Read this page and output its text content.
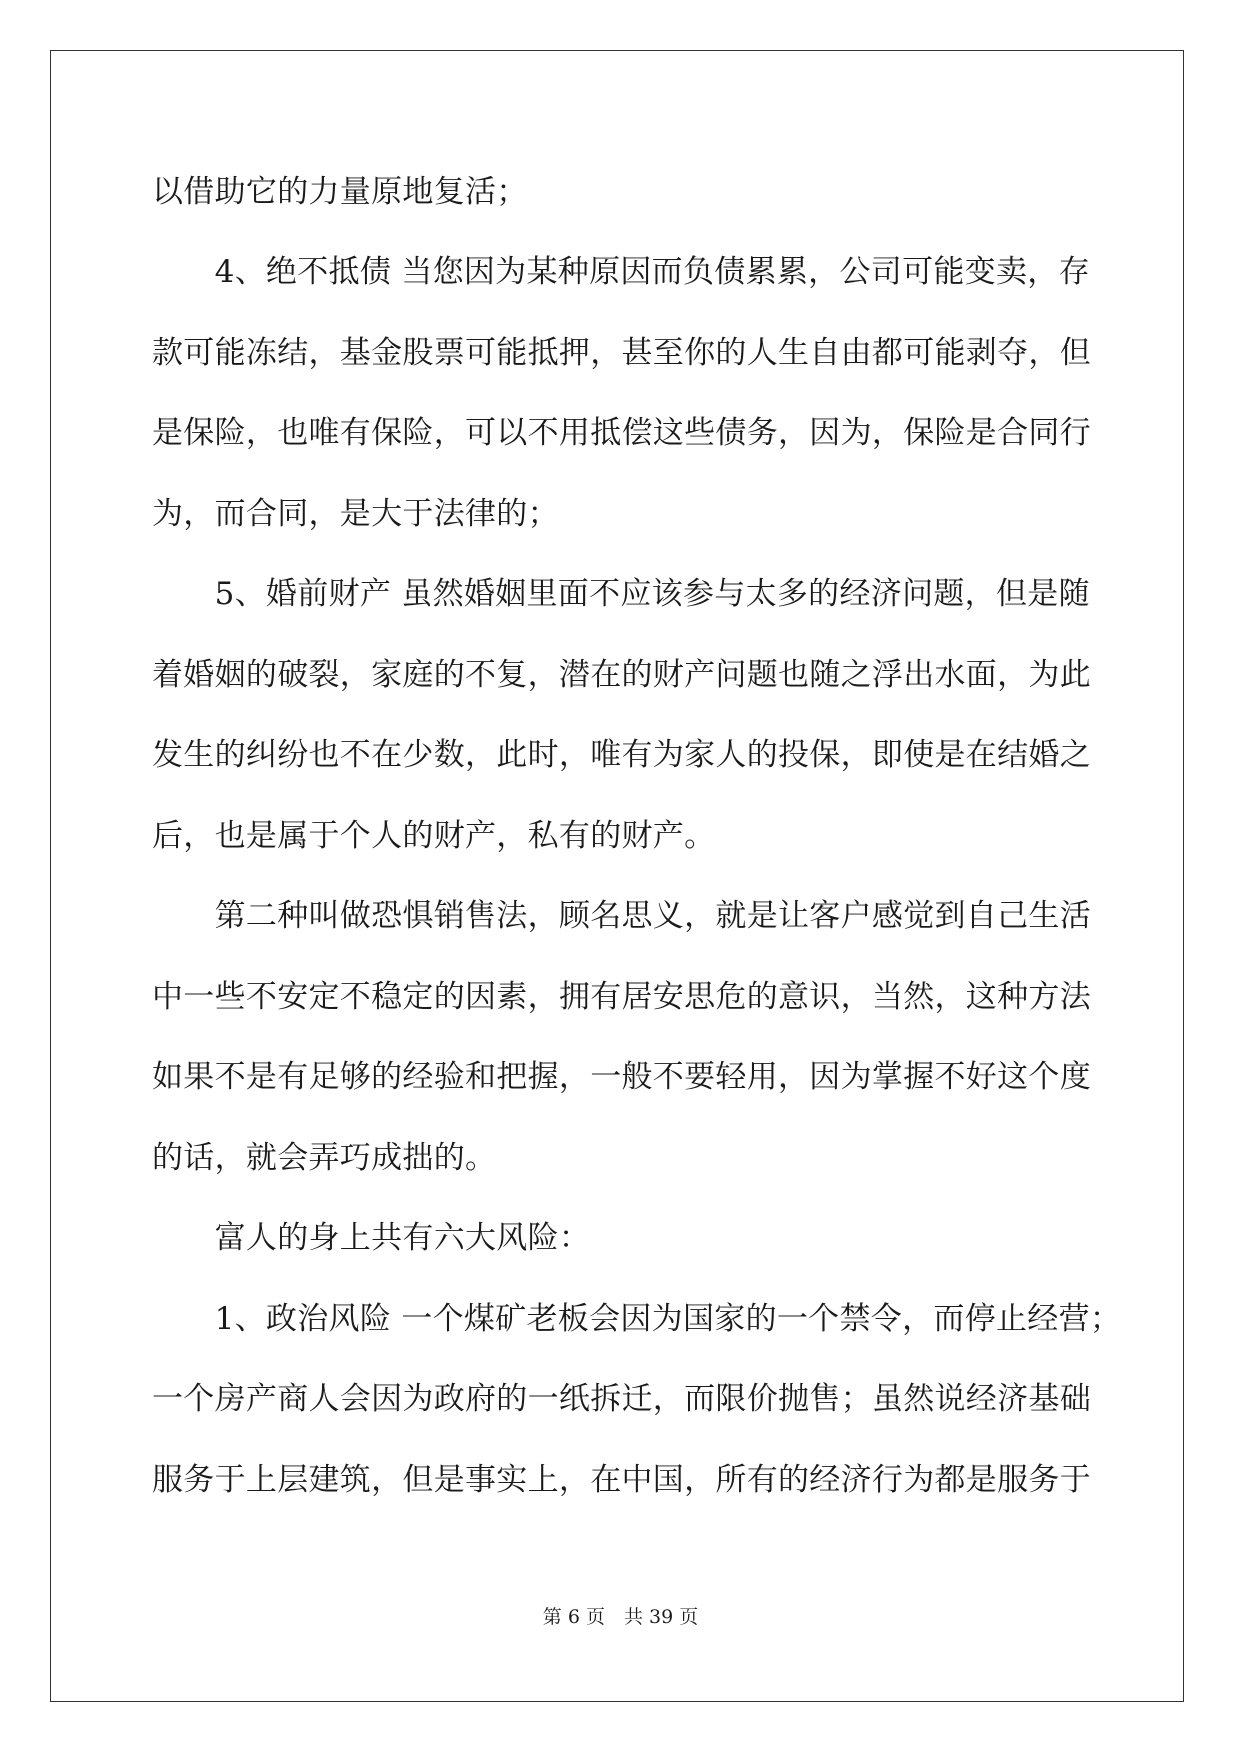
以借助它的力量原地复活；
　　4、绝不抵债 当您因为某种原因而负债累累，公司可能变卖，存
款可能冻结，基金股票可能抵押，甚至你的人生自由都可能剥夺，但
是保险，也唯有保险，可以不用抵偿这些债务，因为，保险是合同行
为，而合同，是大于法律的；
　　5、婚前财产 虽然婚姻里面不应该参与太多的经济问题，但是随
着婚姻的破裂，家庭的不复，潜在的财产问题也随之浮出水面，为此
发生的纠纷也不在少数，此时，唯有为家人的投保，即使是在结婚之
后，也是属于个人的财产，私有的财产。
　　第二种叫做恐惧销售法，顾名思义，就是让客户感觉到自己生活
中一些不安定不稳定的因素，拥有居安思危的意识，当然，这种方法
如果不是有足够的经验和把握，一般不要轻用，因为掌握不好这个度
的话，就会弄巧成拙的。
　　富人的身上共有六大风险：
　　1、政治风险 一个煤矿老板会因为国家的一个禁令，而停止经营；
一个房产商人会因为政府的一纸拆迁，而限价抛售；虽然说经济基础
服务于上层建筑，但是事实上，在中国，所有的经济行为都是服务于
第 6 页　共 39 页
